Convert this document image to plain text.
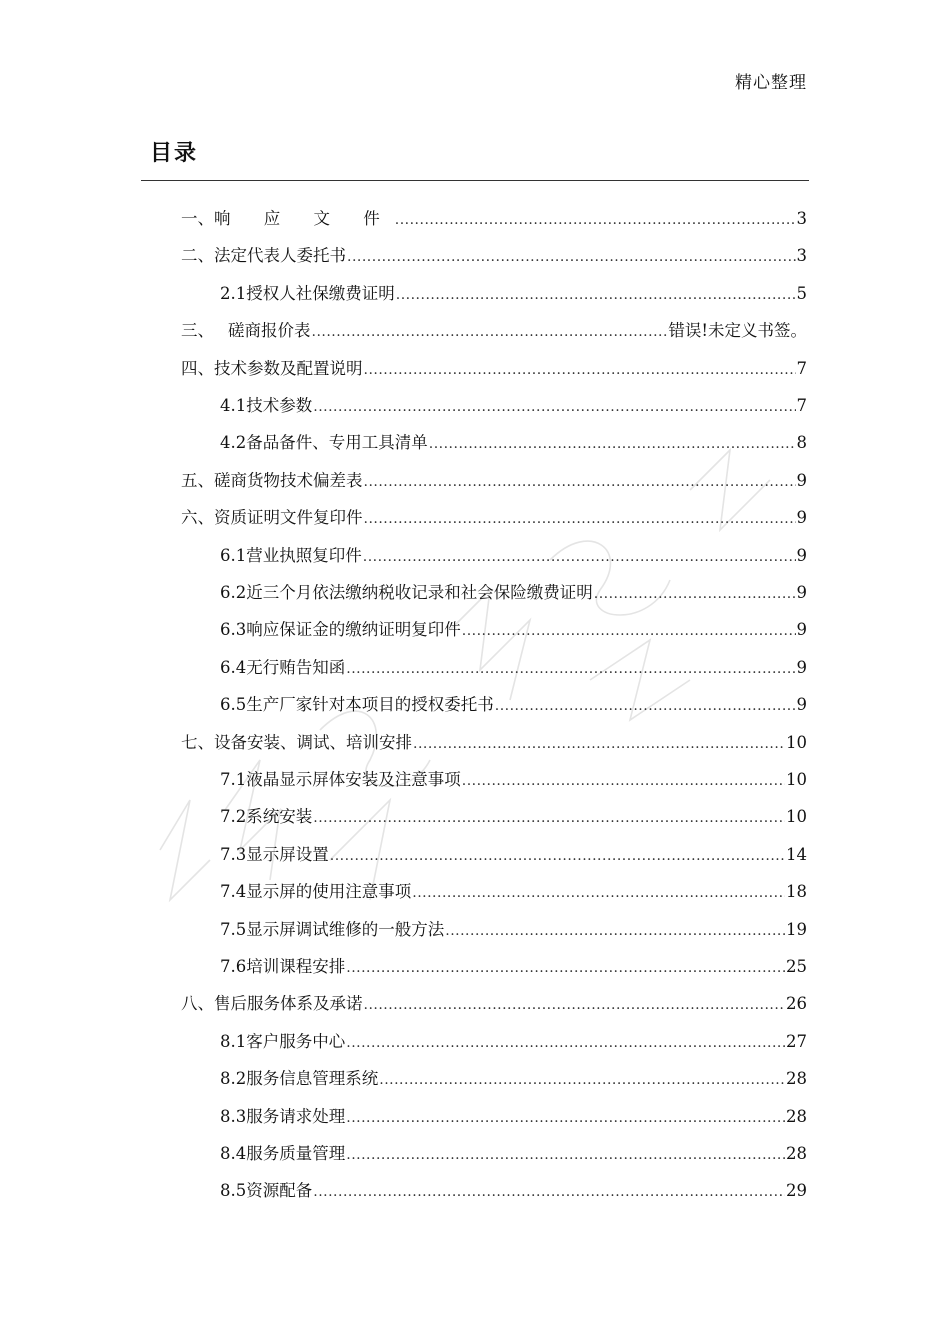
精心整理
目录
一、 响 应 文 件 .....	3
二、 法定代表人委托书 .....	3
2.1 授权人社保缴费证明 .....	5
三、 磋商报价表 .....	错误!未定义书签。
四、 技术参数及配置说明 .....	7
4.1 技术参数 .....	7
4.2 备品备件、专用工具清单 .....	8
五、 磋商货物技术偏差表 .....	9
六、 资质证明文件复印件 .....	9
6.1 营业执照复印件 .....	9
6.2 近三个月依法缴纳税收记录和社会保险缴费证明 .....	9
6.3 响应保证金的缴纳证明复印件 .....	9
6.4 无行贿告知函 .....	9
6.5 生产厂家针对本项目的授权委托书 .....	9
七、 设备安装、调试、培训安排 .....	10
7.1 液晶显示屏体安装及注意事项 .....	10
7.2 系统安装 .....	10
7.3 显示屏设置 .....	14
7.4 显示屏的使用注意事项 .....	18
7.5 显示屏调试维修的一般方法 .....	19
7.6 培训课程安排 .....	25
八、 售后服务体系及承诺 .....	26
8.1 客户服务中心 .....	27
8.2 服务信息管理系统 .....	28
8.3 服务请求处理 .....	28
8.4 服务质量管理 .....	28
8.5 资源配备 .....	29
